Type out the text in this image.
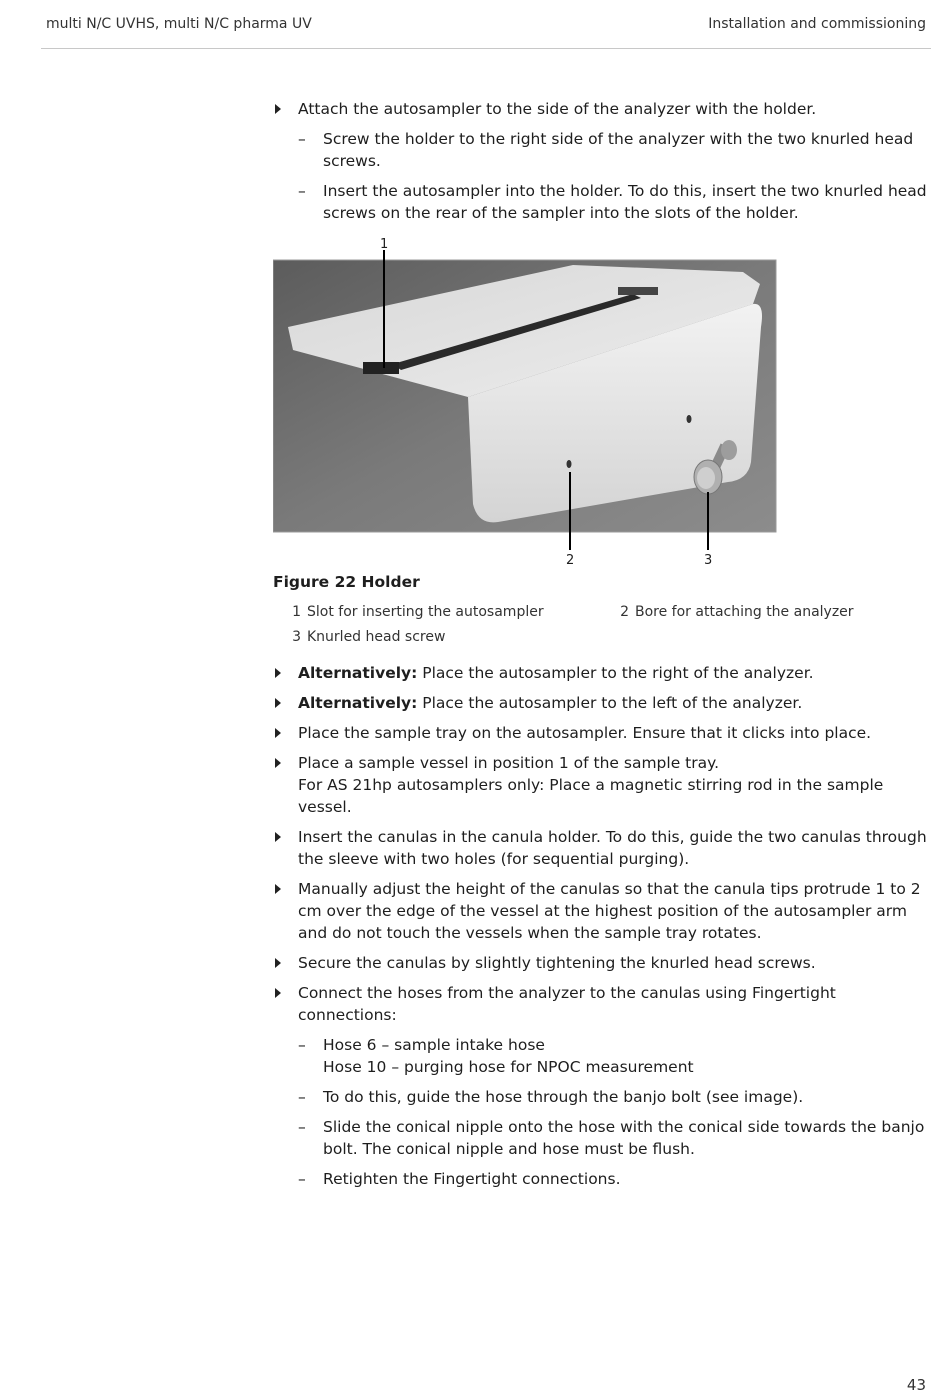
multi N/C UVHS, multi N/C pharma UV	Installation and commissioning
Attach the autosampler to the side of the analyzer with the holder.
– Screw the holder to the right side of the analyzer with the two knurled head screws.
– Insert the autosampler into the holder. To do this, insert the two knurled head screws on the rear of the sampler into the slots of the holder.
1
2	3
Figure 22 Holder
1 Slot for inserting the autosampler	2 Bore for attaching the analyzer
3 Knurled head screw
Alternatively: Place the autosampler to the right of the analyzer.
Alternatively: Place the autosampler to the left of the analyzer.
Place the sample tray on the autosampler. Ensure that it clicks into place.
Place a sample vessel in position 1 of the sample tray.
For AS 21hp autosamplers only: Place a magnetic stirring rod in the sample vessel.
Insert the canulas in the canula holder. To do this, guide the two canulas through the sleeve with two holes (for sequential purging).
Manually adjust the height of the canulas so that the canula tips protrude 1 to 2 cm over the edge of the vessel at the highest position of the autosampler arm and do not touch the vessels when the sample tray rotates.
Secure the canulas by slightly tightening the knurled head screws.
Connect the hoses from the analyzer to the canulas using Fingertight connections:
– Hose 6 – sample intake hose
Hose 10 – purging hose for NPOC measurement
– To do this, guide the hose through the banjo bolt (see image).
– Slide the conical nipple onto the hose with the conical side towards the banjo bolt. The conical nipple and hose must be flush.
– Retighten the Fingertight connections.
43
